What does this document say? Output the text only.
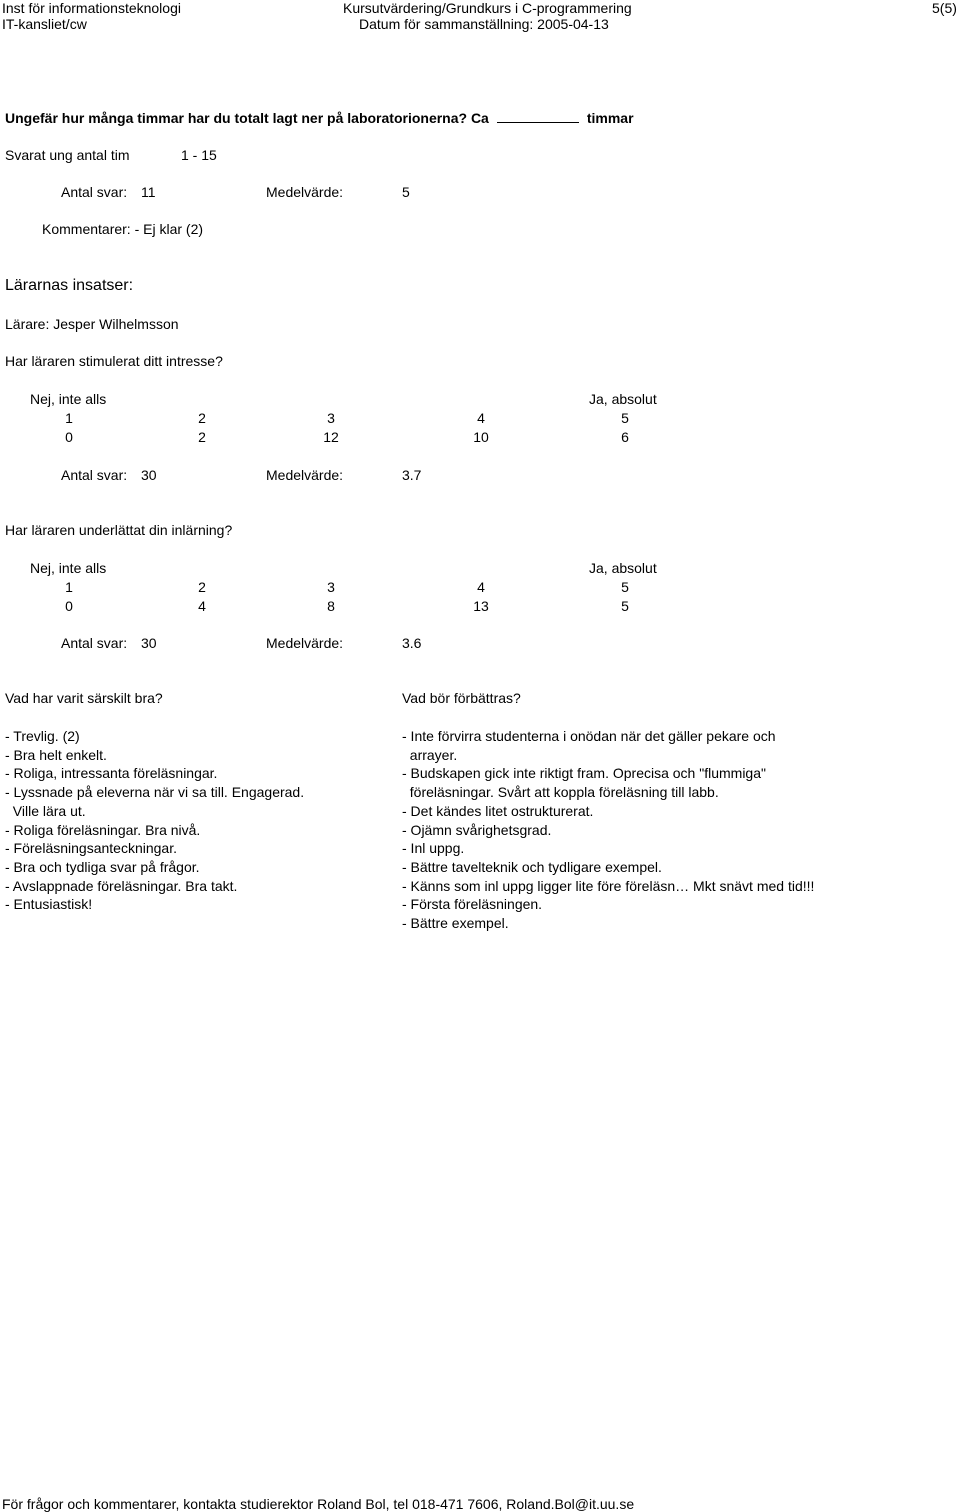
Inst för informationsteknologi
IT-kansliet/cw
Kursutvärdering/Grundkurs i C-programmering
Datum för sammanställning: 2005-04-13
5(5)
Ungefär hur många timmar har du totalt lagt ner på laboratorionerna? Ca	timmar
Svarat ung antal tim	1 - 15
Antal svar: 11	Medelvärde:	5
Kommentarer: - Ej klar (2)
Lärarnas insatser:
Lärare: Jesper Wilhelmsson
Har läraren stimulerat ditt intresse?
Nej, inte alls	Ja, absolut
1	2	3	4	5
0	2	12	10	6
Antal svar: 30	Medelvärde:	3.7
Har läraren underlättat din inlärning?
Nej, inte alls	Ja, absolut
1	2	3	4	5
0	4	8	13	5
Antal svar: 30	Medelvärde:	3.6
Vad har varit särskilt bra?	Vad bör förbättras?
- Trevlig. (2)
- Bra helt enkelt.
- Roliga, intressanta föreläsningar.
- Lyssnade på eleverna när vi sa till. Engagerad.
Ville lära ut.
- Roliga föreläsningar. Bra nivå.
- Föreläsningsanteckningar.
- Bra och tydliga svar på frågor.
- Avslappnade föreläsningar. Bra takt.
- Entusiastisk!
- Inte förvirra studenterna i onödan när det gäller pekare och
arrayer.
- Budskapen gick inte riktigt fram. Oprecisa och "flummiga"
föreläsningar. Svårt att koppla föreläsning till labb.
- Det kändes litet ostrukturerat.
- Ojämn svårighetsgrad.
- Inl uppg.
- Bättre tavelteknik och tydligare exempel.
- Känns som inl uppg ligger lite före föreläsn… Mkt snävt med tid!!!
- Första föreläsningen.
- Bättre exempel.
För frågor och kommentarer, kontakta studierektor Roland Bol, tel 018-471 7606, Roland.Bol@it.uu.se
